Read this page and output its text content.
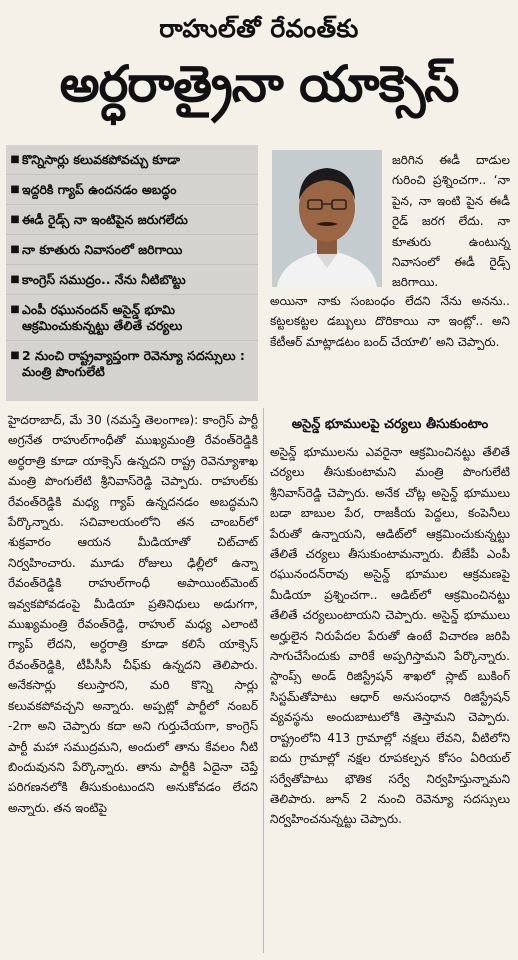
రాహుల్‌తో రేవంత్‌కు
అర్ధరాత్రైనా యాక్సెస్
■ కొన్నిసార్లు కలువకపోవచ్చు కూడా
■ ఇద్దరికి గ్యాప్ ఉందనడం అబద్ధం
■ ఈడీ రైడ్స్ నా ఇంటిపైన జరుగలేదు
■ నా కూతురు నివాసంలో జరిగాయి
■ కాంగ్రెస్ సముద్రం.. నేను నీటిబొట్టు
■ ఎంపీ రఘునందన్ అసైన్డ్ భూమి ఆక్రమించుకున్నట్టు తేలితే చర్యలు
■ 2 నుంచి రాష్ట్రవ్యాప్తంగా రెవెన్యూ సదస్సులు : మంత్రి పొంగులేటి
జరిగిన ఈడీ దాడుల గురించి ప్రశ్నించగా.. ‘నా పైన, నా ఇంటి పైన ఈడీ రైడ్ జరగ లేదు. నా కూతురు ఉంటున్న నివాసంలో ఈడీ రైడ్స్ జరిగాయి.
అయినా నాకు సంబంధం లేదని నేను అనను.. కట్టలకట్టల డబ్బులు దొరికాయి నా ఇంట్లో.. అని కేటీఆర్ మాట్లాడటం బంద్ చేయాలి’ అని చెప్పారు.
హైదరాబాద్, మే 30 (నమస్తే తెలంగాణ): కాంగ్రెస్ పార్టీ అగ్రనేత రాహుల్‌గాంధీతో ముఖ్యమంత్రి రేవంత్‌రెడ్డికి అర్ధరాత్రి కూడా యాక్సెస్ ఉన్నదని రాష్ట్ర రెవెన్యూశాఖ మంత్రి పొంగులేటి శ్రీనివాస్‌రెడ్డి చెప్పారు. రాహుల్‌కు రేవంత్‌రెడ్డికి మధ్య గ్యాప్ ఉన్నదనడం అబద్ధమని పేర్కొన్నారు. సచివాలయంలోని తన చాంబర్‌లో శుక్రవారం ఆయన మీడియాతో చిట్‌చాట్ నిర్వహించారు. మూడు రోజులు ఢిల్లీలో ఉన్నా రేవంత్‌రెడ్డికి రాహుల్‌గాంధీ అపాయింట్‌మెంట్ ఇవ్వకపోవడంపై మీడియా ప్రతినిధులు అడుగగా, ముఖ్యమంత్రి రేవంత్‌రెడ్డి, రాహుల్ మధ్య ఎలాంటి గ్యాప్ లేదని, అర్ధరాత్రి కూడా కలిసే యాక్సెస్ రేవంత్‌రెడ్డికి, టీపీసీసీ చీఫ్‌కు ఉన్నదని తెలిపారు. అనేకసార్లు కలుస్తారని, మరి కొన్ని సార్లు కలువకపోవచ్చని అన్నారు. అప్పట్లో పార్టీలో నంబర్ -2గా అని చెప్పారు కదా అని గుర్తుచేయగా, కాంగ్రెస్ పార్టీ మహా సముద్రమని, అందులో తాను కేవలం నీటి బిందువునని పేర్కొన్నారు. తాను పార్టీకి ఏదైనా చెప్తే పరిగణనలోకి తీసుకుంటుందని అనుకోవడం లేదని అన్నారు. తన ఇంటిపై
అసైన్డ్ భూములపై చర్యలు తీసుకుంటాం
అసైన్డ్ భూములను ఎవరైనా ఆక్రమించినట్టు తేలితే చర్యలు తీసుకుంటామని మంత్రి పొంగులేటి శ్రీనివాస్‌రెడ్డి చెప్పారు. అనేక చోట్ల అసైన్డ్ భూములు బడా బాబుల పేర, రాజకీయ పెద్దలు, కంపెనీలు పేరుతో ఉన్నాయని, ఆడిట్‌లో ఆక్రమించుకున్నట్టు తేలితే చర్యలు తీసుకుంటామన్నారు. బీజేపీ ఎంపీ రఘునందన్‌రావు అసైన్డ్ భూముల ఆక్రమణపై మీడియా ప్రశ్నించగా.. ఆడిట్‌లో ఆక్రమించినట్టు తేలితే చర్యలుంటాయని చెప్పారు. అసైన్డ్ భూములు అర్హులైన నిరుపేదల పేరుతో ఉంటే విచారణ జరిపి సాగుచేసేందుకు వారికే అప్పగిస్తామని పేర్కొన్నారు. స్టాంప్స్ అండ్ రిజిస్ట్రేషన్ శాఖలో స్లాట్ బుకింగ్ సిస్టమ్‌తోపాటు ఆధార్ అనుసంధాన రిజిస్ట్రేషన్ వ్యవస్థను అందుబాటులోకి తెస్తామని చెప్పారు. రాష్ట్రంలోని 413 గ్రామాల్లో నక్షలు లేవని, వీటిలోని ఐదు గ్రామాల్లో నక్షల రూపకల్పన కోసం ఏరియల్ సర్వేతోపాటు భౌతిక సర్వే నిర్వహిస్తున్నామని తెలిపారు. జూన్ 2 నుంచి రెవెన్యూ సదస్సులు నిర్వహించనున్నట్టు చెప్పారు.
